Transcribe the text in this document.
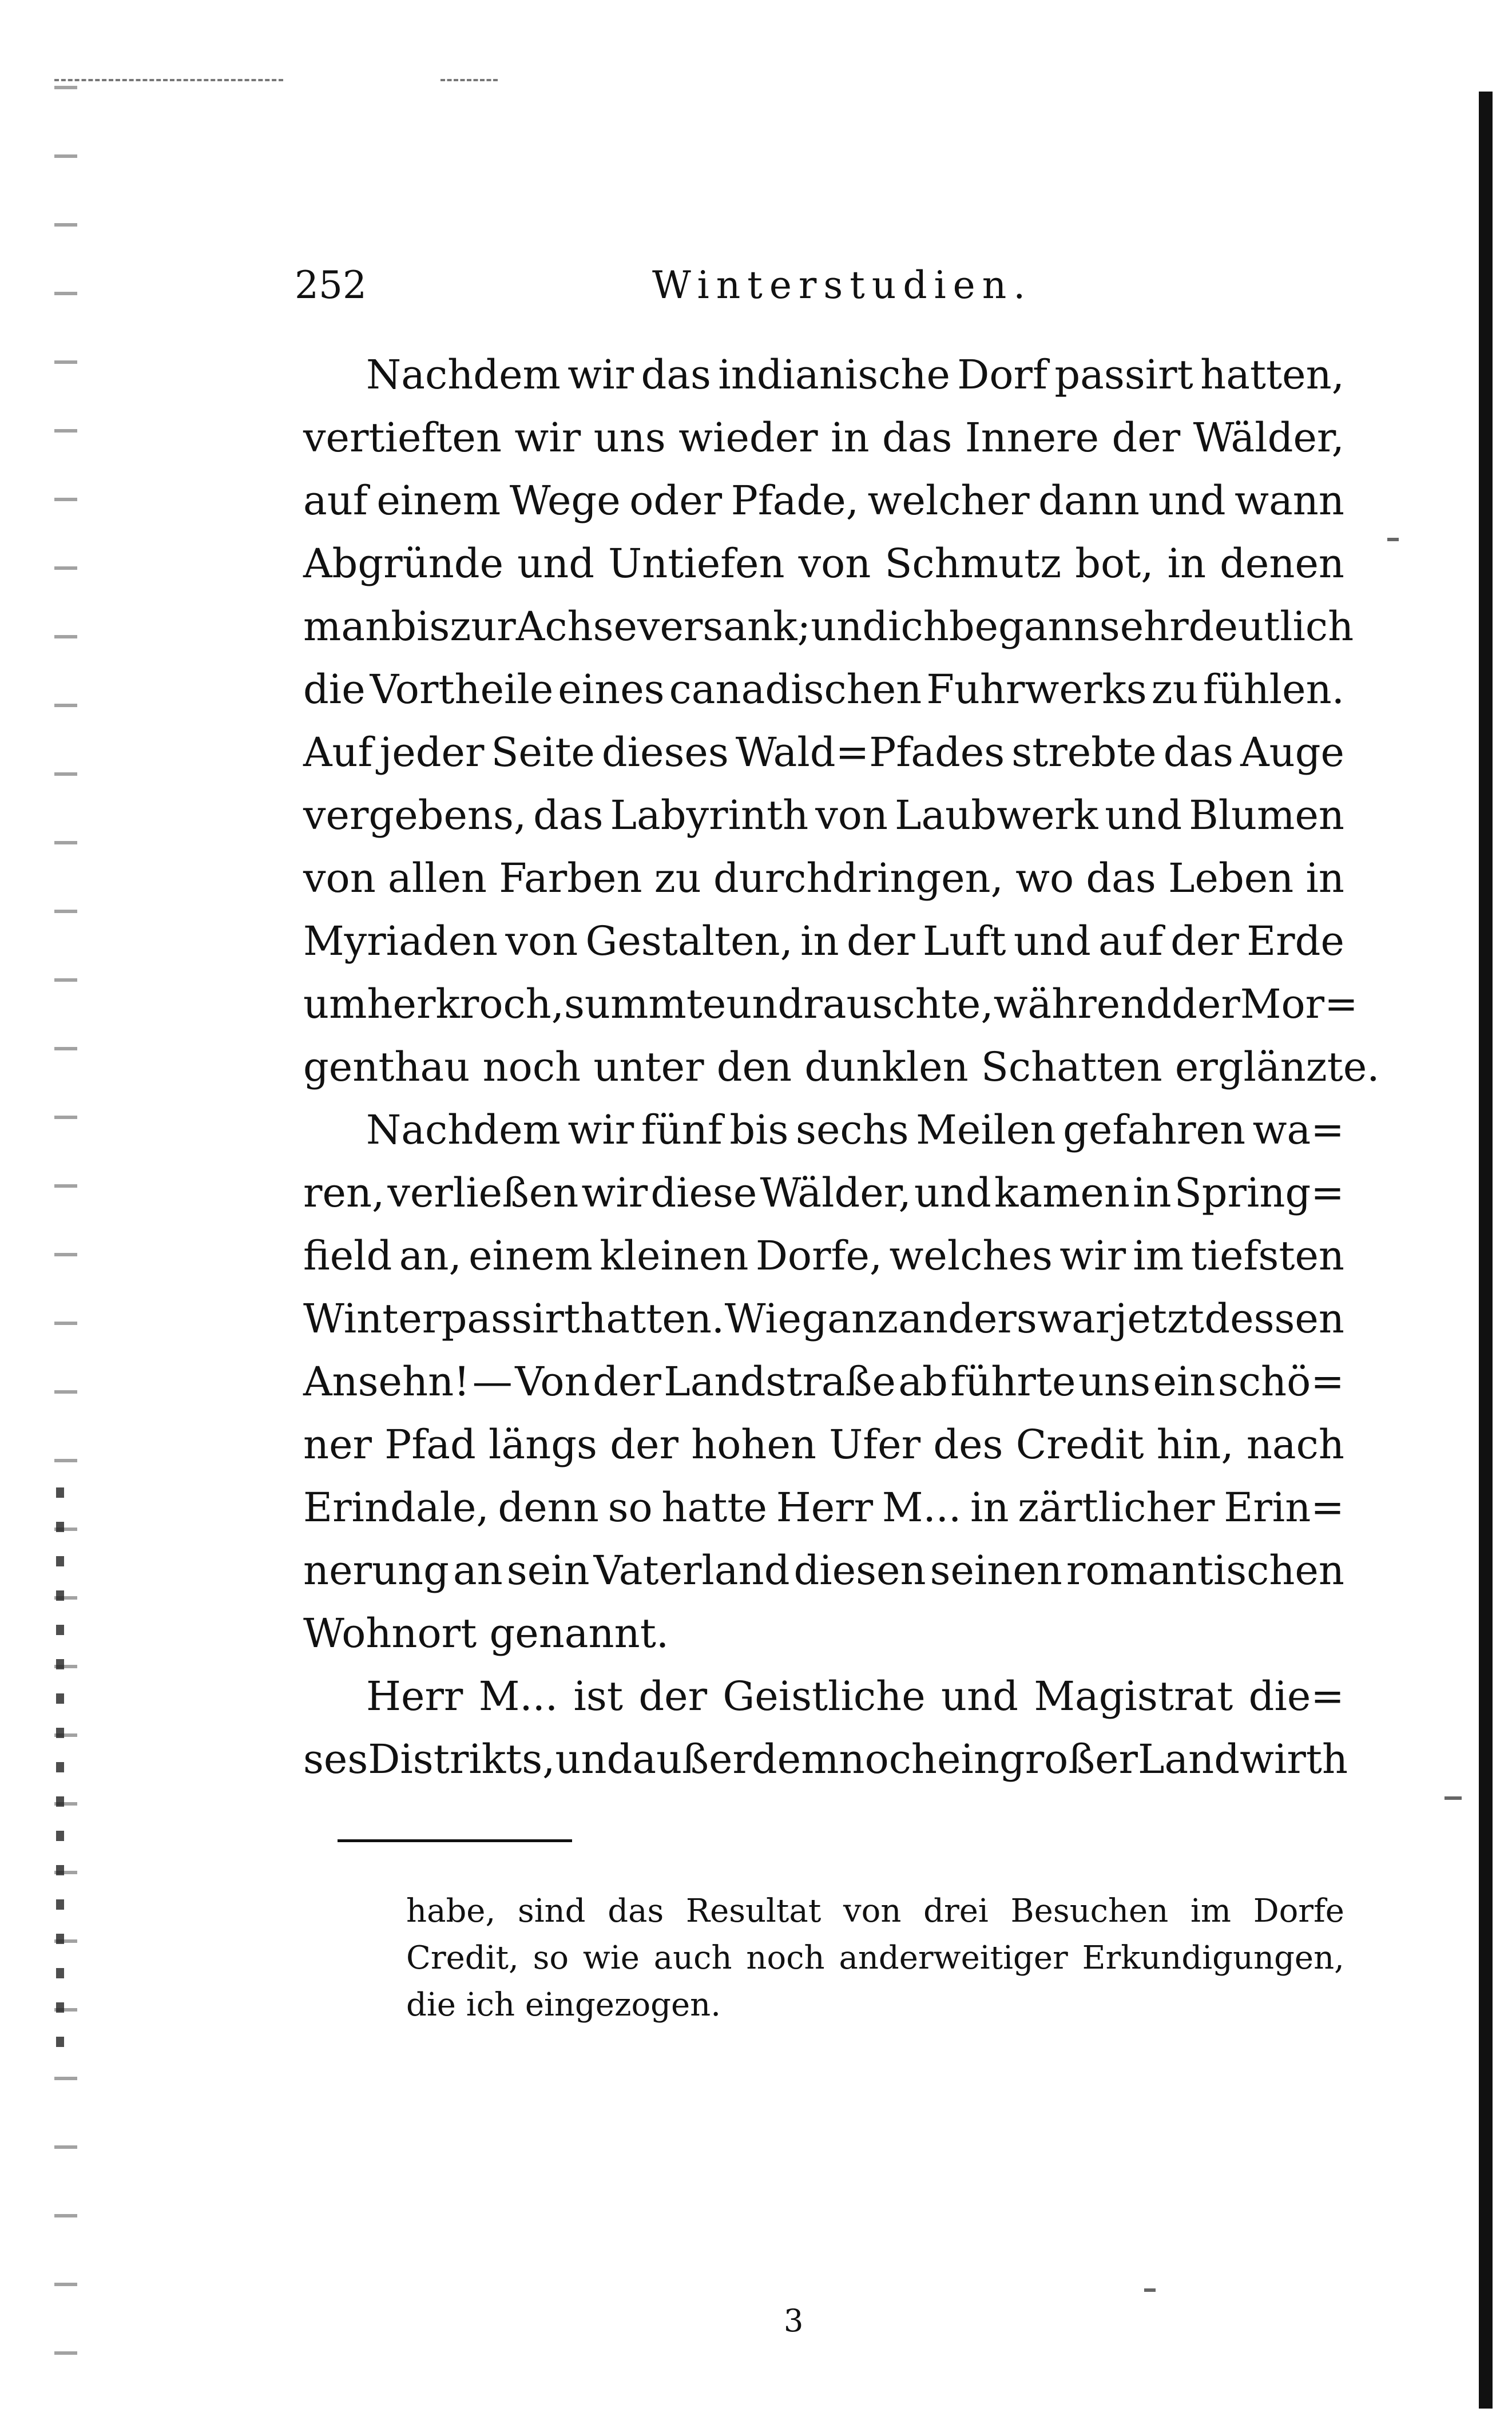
252	Winterstudien.
Nachdem wir das indianische Dorf passirt hatten,
vertieften wir uns wieder in das Innere der Wälder,
auf einem Wege oder Pfade, welcher dann und wann
Abgründe und Untiefen von Schmutz bot, in denen
man bis zur Achse versank; und ich begann sehr deutlich
die Vortheile eines canadischen Fuhrwerks zu fühlen.
Auf jeder Seite dieses Wald=Pfades strebte das Auge
vergebens, das Labyrinth von Laubwerk und Blumen
von allen Farben zu durchdringen, wo das Leben in
Myriaden von Gestalten, in der Luft und auf der Erde
umher kroch, summte und rauschte, während der Mor=
genthau noch unter den dunklen Schatten erglänzte.
Nachdem wir fünf bis sechs Meilen gefahren wa=
ren, verließen wir diese Wälder, und kamen in Spring=
field an, einem kleinen Dorfe, welches wir im tiefsten
Winter passirt hatten. Wie ganz anders war jetzt dessen
Ansehn! — Von der Landstraße ab führte uns ein schö=
ner Pfad längs der hohen Ufer des Credit hin, nach
Erindale, denn so hatte Herr M... in zärtlicher Erin=
nerung an sein Vaterland diesen seinen romantischen
Wohnort genannt.
Herr M... ist der Geistliche und Magistrat die=
ses Distrikts, und außerdem noch ein großer Landwirth
habe, sind das Resultat von drei Besuchen im Dorfe
Credit, so wie auch noch anderweitiger Erkundigungen,
die ich eingezogen.
3
